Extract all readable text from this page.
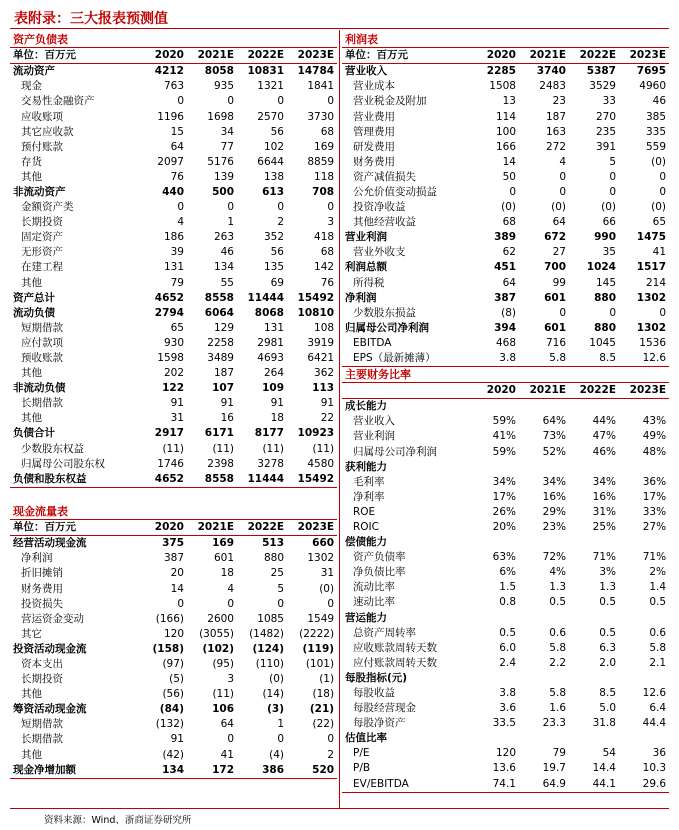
表附录：三大报表预测值
资产负债表				
单位：百万元	2020	2021E	2022E	2023E
流动资产	4212	8058	10831	14784
现金	763	935	1321	1841
交易性金融资产	0	0	0	0
应收账项	1196	1698	2570	3730
其它应收款	15	34	56	68
预付账款	64	77	102	169
存货	2097	5176	6644	8859
其他	76	139	138	118
非流动资产	440	500	613	708
金额资产类	0	0	0	0
长期投资	4	1	2	3
固定资产	186	263	352	418
无形资产	39	46	56	68
在建工程	131	134	135	142
其他	79	55	69	76
资产总计	4652	8558	11444	15492
流动负债	2794	6064	8068	10810
短期借款	65	129	131	108
应付款项	930	2258	2981	3919
预收账款	1598	3489	4693	6421
其他	202	187	264	362
非流动负债	122	107	109	113
长期借款	91	91	91	91
其他	31	16	18	22
负债合计	2917	6171	8177	10923
少数股东权益	(11)	(11)	(11)	(11)
归属母公司股东权	1746	2398	3278	4580
负债和股东权益	4652	8558	11444	15492
现金流量表				
单位：百万元	2020	2021E	2022E	2023E
经营活动现金流	375	169	513	660
净利润	387	601	880	1302
折旧摊销	20	18	25	31
财务费用	14	4	5	(0)
投资损失	0	0	0	0
营运资金变动	(166)	2600	1085	1549
其它	120	(3055)	(1482)	(2222)
投资活动现金流	(158)	(102)	(124)	(119)
资本支出	(97)	(95)	(110)	(101)
长期投资	(5)	3	(0)	(1)
其他	(56)	(11)	(14)	(18)
筹资活动现金流	(84)	106	(3)	(21)
短期借款	(132)	64	1	(22)
长期借款	91	0	0	0
其他	(42)	41	(4)	2
现金净增加额	134	172	386	520
利润表				
单位：百万元	2020	2021E	2022E	2023E
营业收入	2285	3740	5387	7695
营业成本	1508	2483	3529	4960
营业税金及附加	13	23	33	46
营业费用	114	187	270	385
管理费用	100	163	235	335
研发费用	166	272	391	559
财务费用	14	4	5	(0)
资产减值损失	50	0	0	0
公允价值变动损益	0	0	0	0
投资净收益	(0)	(0)	(0)	(0)
其他经营收益	68	64	66	65
营业利润	389	672	990	1475
营业外收支	62	27	35	41
利润总额	451	700	1024	1517
所得税	64	99	145	214
净利润	387	601	880	1302
少数股东损益	(8)	0	0	0
归属母公司净利润	394	601	880	1302
EBITDA	468	716	1045	1536
EPS（最新摊薄）	3.8	5.8	8.5	12.6
主要财务比率				
	2020	2021E	2022E	2023E
成长能力				
营业收入	59%	64%	44%	43%
营业利润	41%	73%	47%	49%
归属母公司净利润	59%	52%	46%	48%
获利能力				
毛利率	34%	34%	34%	36%
净利率	17%	16%	16%	17%
ROE	26%	29%	31%	33%
ROIC	20%	23%	25%	27%
偿债能力				
资产负债率	63%	72%	71%	71%
净负债比率	6%	4%	3%	2%
流动比率	1.5	1.3	1.3	1.4
速动比率	0.8	0.5	0.5	0.5
营运能力				
总资产周转率	0.5	0.6	0.5	0.6
应收账款周转天数	6.0	5.8	6.3	5.8
应付账款周转天数	2.4	2.2	2.0	2.1
每股指标(元)				
每股收益	3.8	5.8	8.5	12.6
每股经营现金	3.6	1.6	5.0	6.4
每股净资产	33.5	23.3	31.8	44.4
估值比率				
P/E	120	79	54	36
P/B	13.6	19.7	14.4	10.3
EV/EBITDA	74.1	64.9	44.1	29.6
资料来源：Wind、浙商证券研究所
